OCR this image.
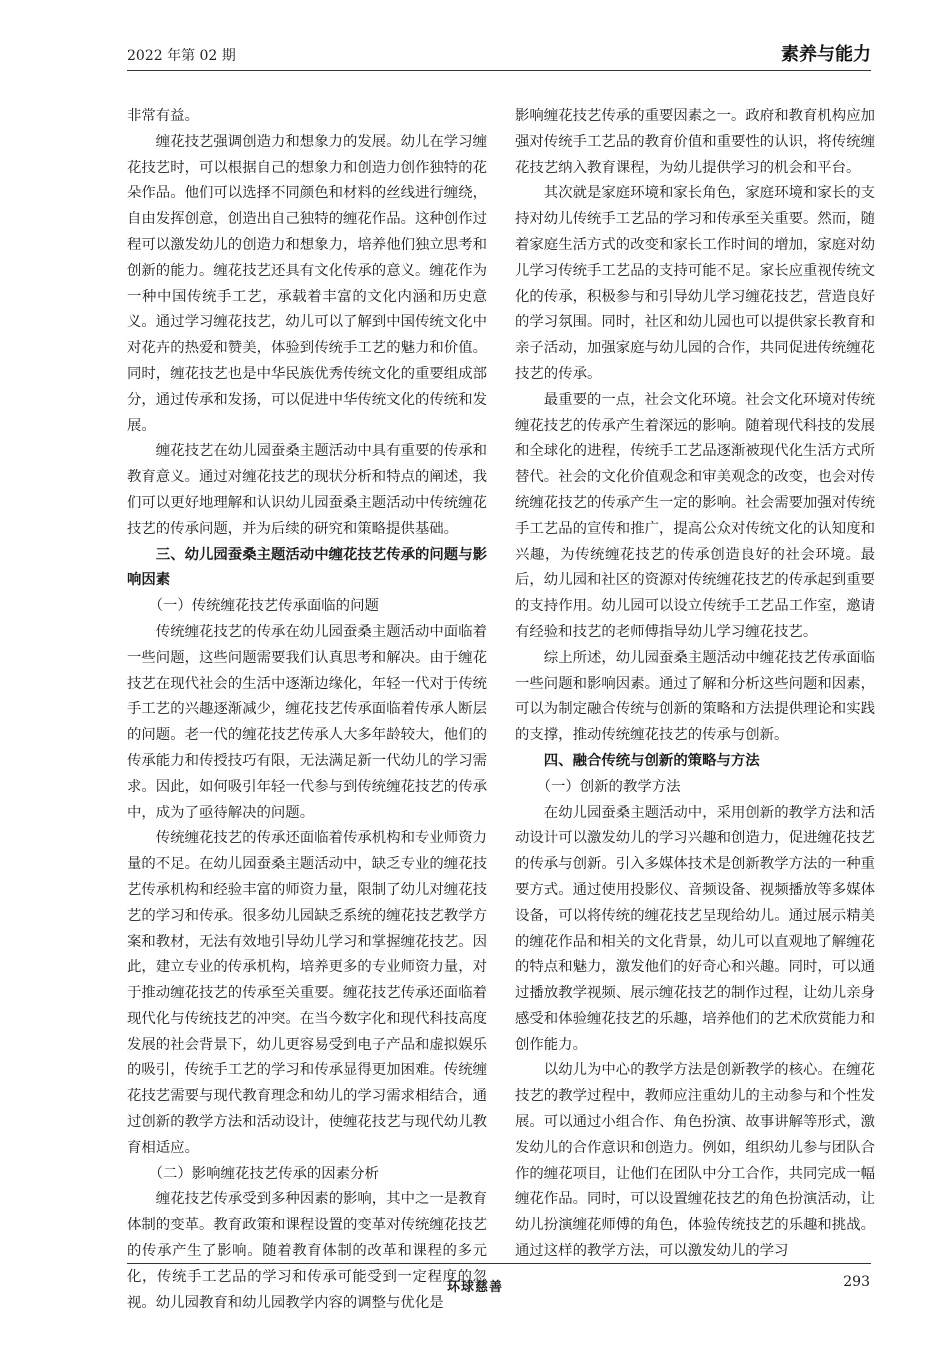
2022 年第 02 期	素养与能力

非常有益。

缠花技艺强调创造力和想象力的发展。幼儿在学习缠花技艺时，可以根据自己的想象力和创造力创作独特的花朵作品。他们可以选择不同颜色和材料的丝线进行缠绕，自由发挥创意，创造出自己独特的缠花作品。这种创作过程可以激发幼儿的创造力和想象力，培养他们独立思考和创新的能力。缠花技艺还具有文化传承的意义。缠花作为一种中国传统手工艺，承载着丰富的文化内涵和历史意义。通过学习缠花技艺，幼儿可以了解到中国传统文化中对花卉的热爱和赞美，体验到传统手工艺的魅力和价值。同时，缠花技艺也是中华民族优秀传统文化的重要组成部分，通过传承和发扬，可以促进中华传统文化的传统和发展。

缠花技艺在幼儿园蚕桑主题活动中具有重要的传承和教育意义。通过对缠花技艺的现状分析和特点的阐述，我们可以更好地理解和认识幼儿园蚕桑主题活动中传统缠花技艺的传承问题，并为后续的研究和策略提供基础。

三、幼儿园蚕桑主题活动中缠花技艺传承的问题与影响因素
（一）传统缠花技艺传承面临的问题

传统缠花技艺的传承在幼儿园蚕桑主题活动中面临着一些问题，这些问题需要我们认真思考和解决。由于缠花技艺在现代社会的生活中逐渐边缘化，年轻一代对于传统手工艺的兴趣逐渐减少，缠花技艺传承面临着传承人断层的问题。老一代的缠花技艺传承人大多年龄较大，他们的传承能力和传授技巧有限，无法满足新一代幼儿的学习需求。因此，如何吸引年轻一代参与到传统缠花技艺的传承中，成为了亟待解决的问题。

传统缠花技艺的传承还面临着传承机构和专业师资力量的不足。在幼儿园蚕桑主题活动中，缺乏专业的缠花技艺传承机构和经验丰富的师资力量，限制了幼儿对缠花技艺的学习和传承。很多幼儿园缺乏系统的缠花技艺教学方案和教材，无法有效地引导幼儿学习和掌握缠花技艺。因此，建立专业的传承机构，培养更多的专业师资力量，对于推动缠花技艺的传承至关重要。缠花技艺传承还面临着现代化与传统技艺的冲突。在当今数字化和现代科技高度发展的社会背景下，幼儿更容易受到电子产品和虚拟娱乐的吸引，传统手工艺的学习和传承显得更加困难。传统缠花技艺需要与现代教育理念和幼儿的学习需求相结合，通过创新的教学方法和活动设计，使缠花技艺与现代幼儿教育相适应。

（二）影响缠花技艺传承的因素分析

缠花技艺传承受到多种因素的影响，其中之一是教育体制的变革。教育政策和课程设置的变革对传统缠花技艺的传承产生了影响。随着教育体制的改革和课程的多元化，传统手工艺品的学习和传承可能受到一定程度的忽视。幼儿园教育和幼儿园教学内容的调整与优化是

影响缠花技艺传承的重要因素之一。政府和教育机构应加强对传统手工艺品的教育价值和重要性的认识，将传统缠花技艺纳入教育课程，为幼儿提供学习的机会和平台。

其次就是家庭环境和家长角色，家庭环境和家长的支持对幼儿传统手工艺品的学习和传承至关重要。然而，随着家庭生活方式的改变和家长工作时间的增加，家庭对幼儿学习传统手工艺品的支持可能不足。家长应重视传统文化的传承，积极参与和引导幼儿学习缠花技艺，营造良好的学习氛围。同时，社区和幼儿园也可以提供家长教育和亲子活动，加强家庭与幼儿园的合作，共同促进传统缠花技艺的传承。

最重要的一点，社会文化环境。社会文化环境对传统缠花技艺的传承产生着深远的影响。随着现代科技的发展和全球化的进程，传统手工艺品逐渐被现代化生活方式所替代。社会的文化价值观念和审美观念的改变，也会对传统缠花技艺的传承产生一定的影响。社会需要加强对传统手工艺品的宣传和推广，提高公众对传统文化的认知度和兴趣，为传统缠花技艺的传承创造良好的社会环境。最后，幼儿园和社区的资源对传统缠花技艺的传承起到重要的支持作用。幼儿园可以设立传统手工艺品工作室，邀请有经验和技艺的老师傅指导幼儿学习缠花技艺。

综上所述，幼儿园蚕桑主题活动中缠花技艺传承面临一些问题和影响因素。通过了解和分析这些问题和因素，可以为制定融合传统与创新的策略和方法提供理论和实践的支撑，推动传统缠花技艺的传承与创新。

四、融合传统与创新的策略与方法
（一）创新的教学方法

在幼儿园蚕桑主题活动中，采用创新的教学方法和活动设计可以激发幼儿的学习兴趣和创造力，促进缠花技艺的传承与创新。引入多媒体技术是创新教学方法的一种重要方式。通过使用投影仪、音频设备、视频播放等多媒体设备，可以将传统的缠花技艺呈现给幼儿。通过展示精美的缠花作品和相关的文化背景，幼儿可以直观地了解缠花的特点和魅力，激发他们的好奇心和兴趣。同时，可以通过播放教学视频、展示缠花技艺的制作过程，让幼儿亲身感受和体验缠花技艺的乐趣，培养他们的艺术欣赏能力和创作能力。

以幼儿为中心的教学方法是创新教学的核心。在缠花技艺的教学过程中，教师应注重幼儿的主动参与和个性发展。可以通过小组合作、角色扮演、故事讲解等形式，激发幼儿的合作意识和创造力。例如，组织幼儿参与团队合作的缠花项目，让他们在团队中分工合作，共同完成一幅缠花作品。同时，可以设置缠花技艺的角色扮演活动，让幼儿扮演缠花师傅的角色，体验传统技艺的乐趣和挑战。通过这样的教学方法，可以激发幼儿的学习

环球慈善	293
